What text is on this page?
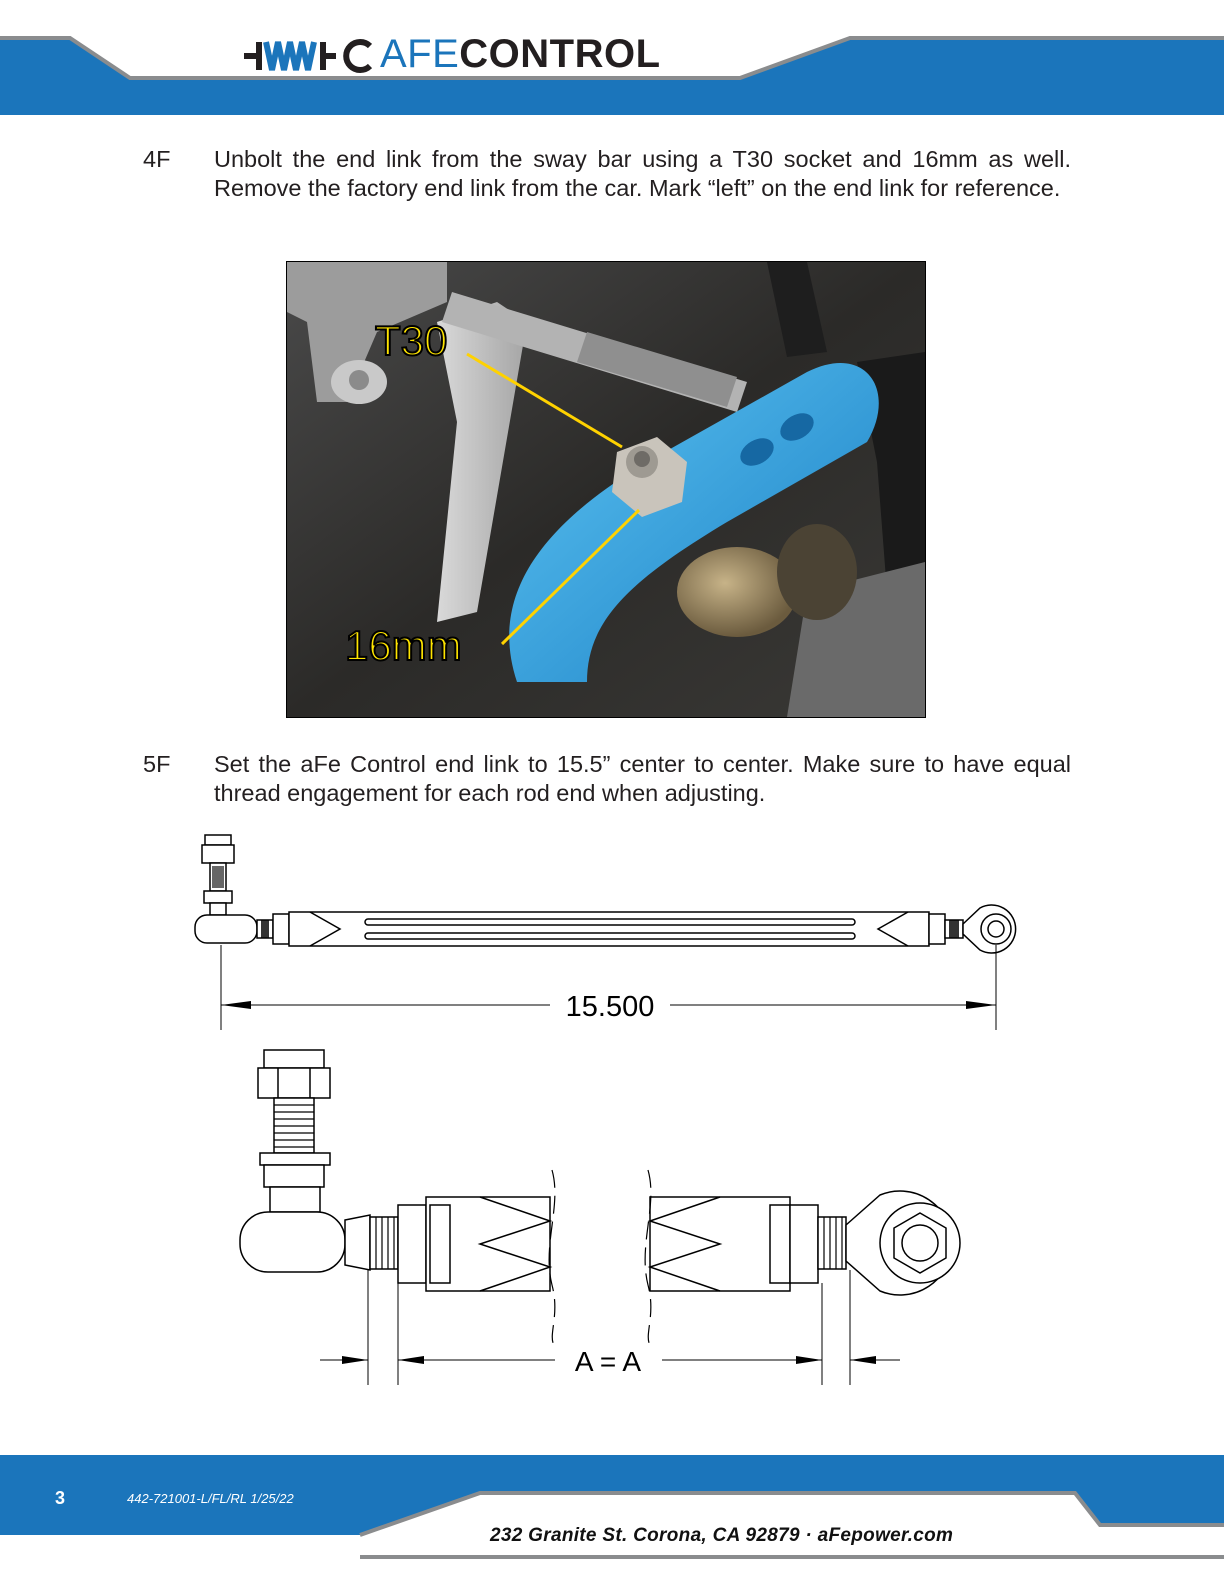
AFECONTROL
4F	Unbolt the end link from the sway bar using a T30 socket and 16mm as well. Remove the factory end link from the car. Mark “left” on the end link for reference.
T30
16mm
5F	Set the aFe Control end link to 15.5” center to center. Make sure to have equal thread engagement for each rod end when adjusting.
15.500
A = A
3	442-721001-L/FL/RL 1/25/22
232 Granite St. Corona, CA 92879 · aFepower.com
